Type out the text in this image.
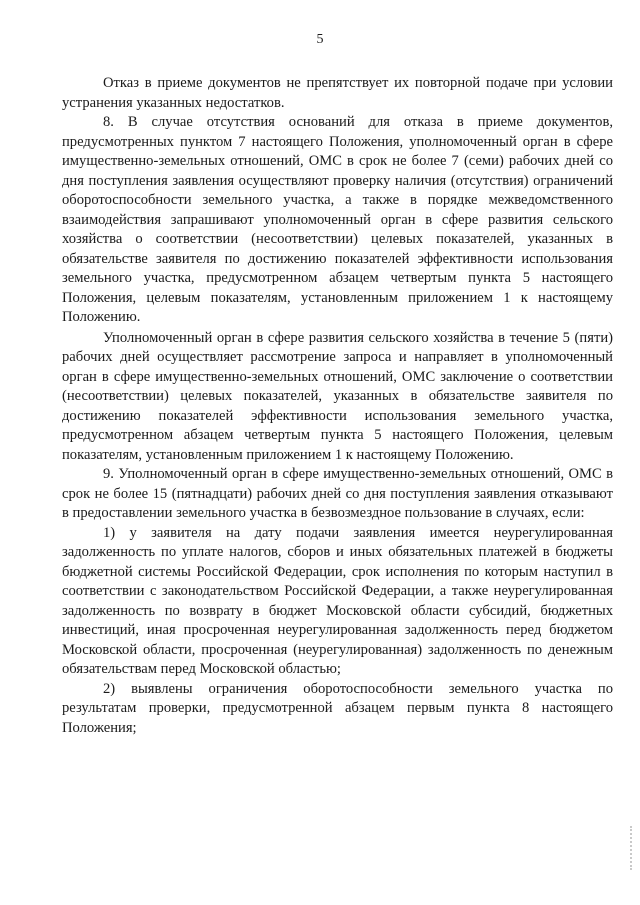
5

Отказ в приеме документов не препятствует их повторной подаче при условии устранения указанных недостатков.

8. В случае отсутствия оснований для отказа в приеме документов, предусмотренных пунктом 7 настоящего Положения, уполномоченный орган в сфере имущественно-земельных отношений, ОМС в срок не более 7 (семи) рабочих дней со дня поступления заявления осуществляют проверку наличия (отсутствия) ограничений оборотоспособности земельного участка, а также в порядке межведомственного взаимодействия запрашивают уполномоченный орган в сфере развития сельского хозяйства о соответствии (несоответствии) целевых показателей, указанных в обязательстве заявителя по достижению показателей эффективности использования земельного участка, предусмотренном абзацем четвертым пункта 5 настоящего Положения, целевым показателям, установленным приложением 1 к настоящему Положению.

Уполномоченный орган в сфере развития сельского хозяйства в течение 5 (пяти) рабочих дней осуществляет рассмотрение запроса и направляет в уполномоченный орган в сфере имущественно-земельных отношений, ОМС заключение о соответствии (несоответствии) целевых показателей, указанных в обязательстве заявителя по достижению показателей эффективности использования земельного участка, предусмотренном абзацем четвертым пункта 5 настоящего Положения, целевым показателям, установленным приложением 1 к настоящему Положению.

9. Уполномоченный орган в сфере имущественно-земельных отношений, ОМС в срок не более 15 (пятнадцати) рабочих дней со дня поступления заявления отказывают в предоставлении земельного участка в безвозмездное пользование в случаях, если:

1) у заявителя на дату подачи заявления имеется неурегулированная задолженность по уплате налогов, сборов и иных обязательных платежей в бюджеты бюджетной системы Российской Федерации, срок исполнения по которым наступил в соответствии с законодательством Российской Федерации, а также неурегулированная задолженность по возврату в бюджет Московской области субсидий, бюджетных инвестиций, иная просроченная неурегулированная задолженность перед бюджетом Московской области, просроченная (неурегулированная) задолженность по денежным обязательствам перед Московской областью;

2) выявлены ограничения оборотоспособности земельного участка по результатам проверки, предусмотренной абзацем первым пункта 8 настоящего Положения;
